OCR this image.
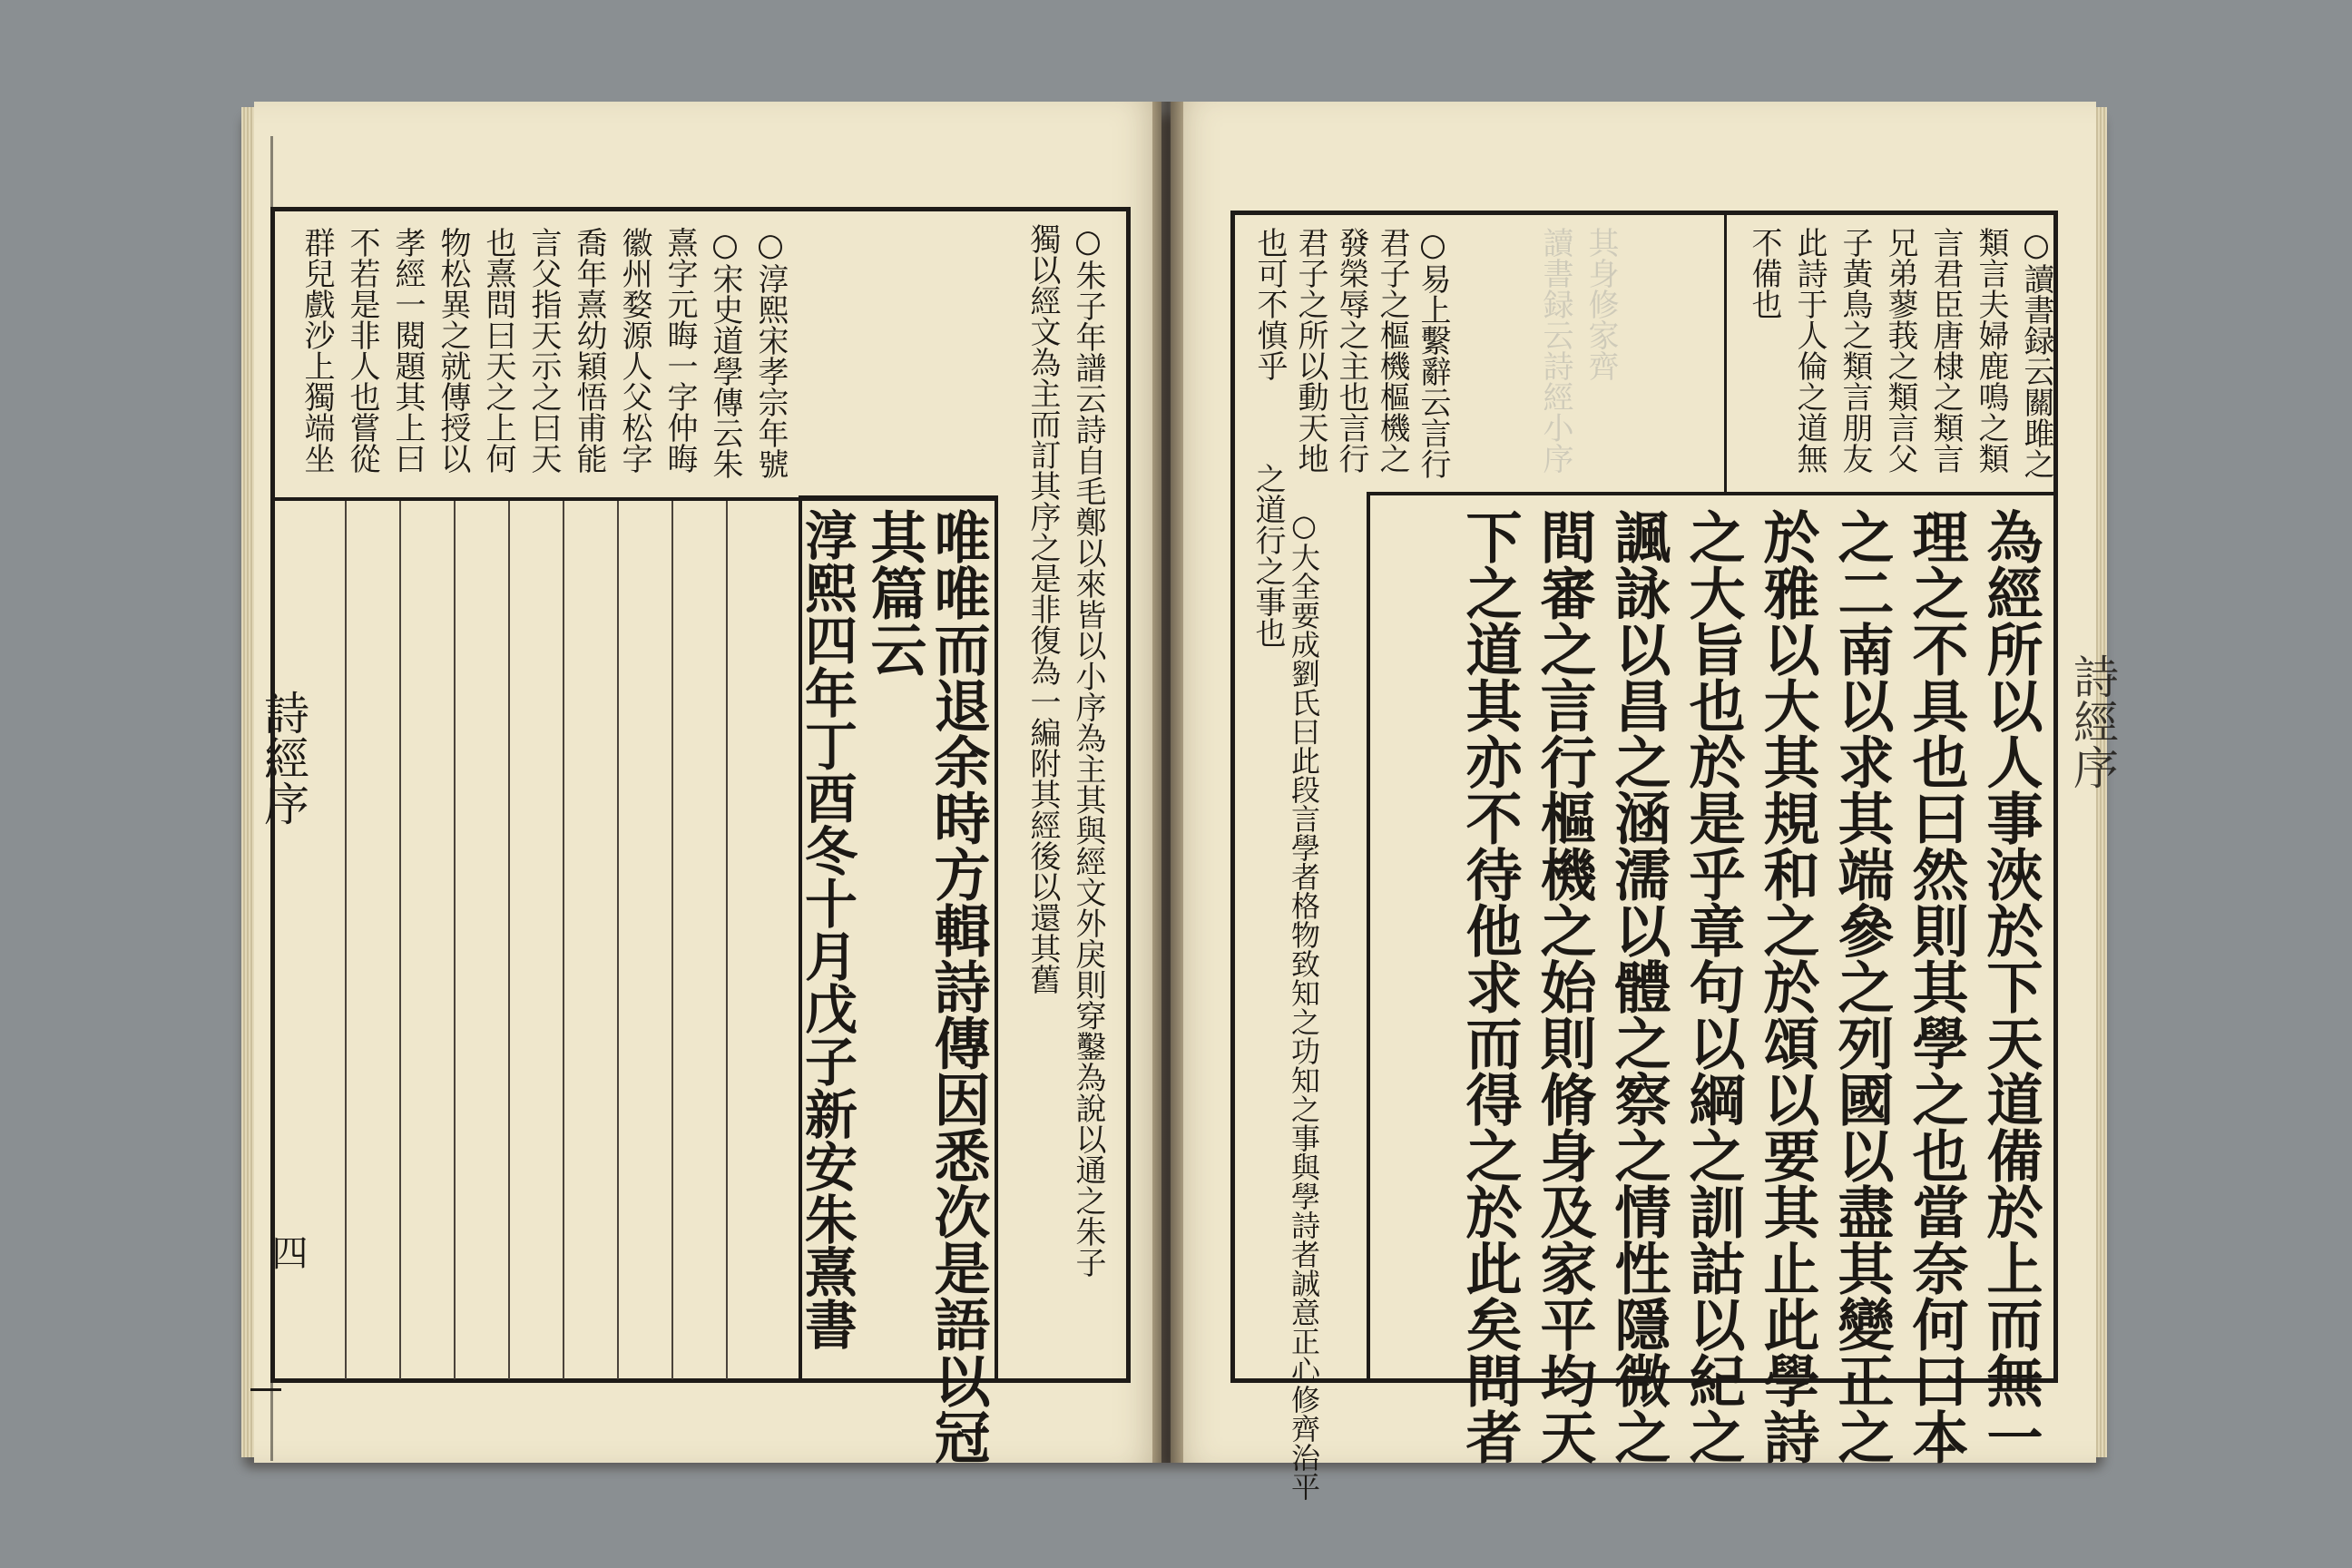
詩經序
四
○淳熙宋孝宗年號
○宋史道學傳云朱
熹字元晦一字仲晦
徽州婺源人父松字
喬年熹幼穎悟甫能
言父指天示之曰天
也熹問曰天之上何
物松異之就傳授以
孝經一閱題其上曰
不若是非人也嘗從
群兒戲沙上獨端坐	○朱子年譜云詩自毛鄭以來皆以小序為主其與經文外戾則穿鑿為說以通之朱子
獨以經文為主而訂其序之是非復為一編附其經後以還其舊
唯唯而退余時方輯詩傳因悉次是語以冠
其篇云
淳熙四年丁酉冬十月戊子新安朱熹書
讀書録云詩經小序 其身修家齊
詩經序
○讀書録云關雎之
類言夫婦鹿鳴之類
言君臣唐棣之類言
兄弟蓼莪之類言父
子黃鳥之類言朋友
此詩于人倫之道無
不備也
○易上繫辭云言行
君子之樞機樞機之
發榮辱之主也言行
君子之所以動天地
也可不慎乎
○大全要成劉氏曰此段言學者格物致知之功知之事與學詩者誠意正心修齊治平
之道行之事也	為經所以人事浹於下天道備於上而無一
理之不具也曰然則其學之也當奈何曰本
之二南以求其端參之列國以盡其變正之
於雅以大其規和之於頌以要其止此學詩
之大旨也於是乎章句以綱之訓詁以紀之
諷詠以昌之涵濡以體之察之情性隱微之
間審之言行樞機之始則脩身及家平均天
下之道其亦不待他求而得之於此矣問者
